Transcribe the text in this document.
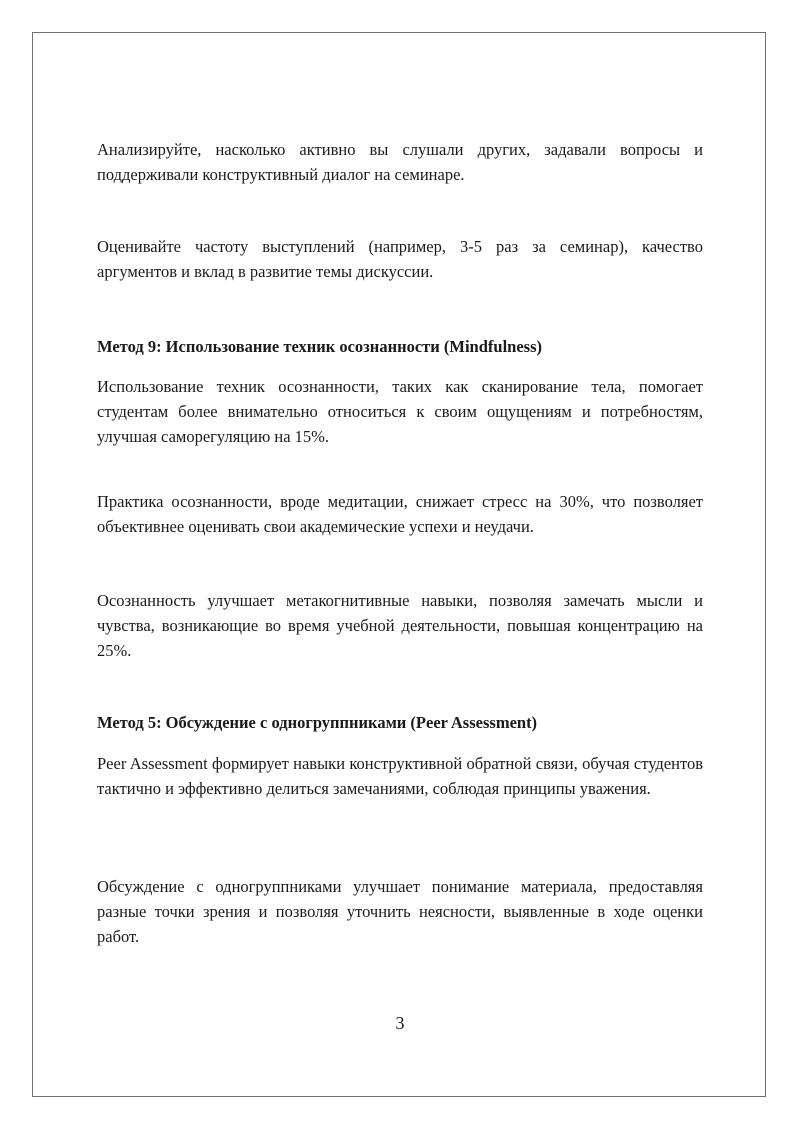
Анализируйте, насколько активно вы слушали других, задавали вопросы и поддерживали конструктивный диалог на семинаре.

Оценивайте частоту выступлений (например, 3-5 раз за семинар), качество аргументов и вклад в развитие темы дискуссии.

Метод 9: Использование техник осознанности (Mindfulness)

Использование техник осознанности, таких как сканирование тела, помогает студентам более внимательно относиться к своим ощущениям и потребностям, улучшая саморегуляцию на 15%.

Практика осознанности, вроде медитации, снижает стресс на 30%, что позволяет объективнее оценивать свои академические успехи и неудачи.

Осознанность улучшает метакогнитивные навыки, позволяя замечать мысли и чувства, возникающие во время учебной деятельности, повышая концентрацию на 25%.

Метод 5: Обсуждение с одногруппниками (Peer Assessment)

Peer Assessment формирует навыки конструктивной обратной связи, обучая студентов тактично и эффективно делиться замечаниями, соблюдая принципы уважения.

Обсуждение с одногруппниками улучшает понимание материала, предоставляя разные точки зрения и позволяя уточнить неясности, выявленные в ходе оценки работ.

3
